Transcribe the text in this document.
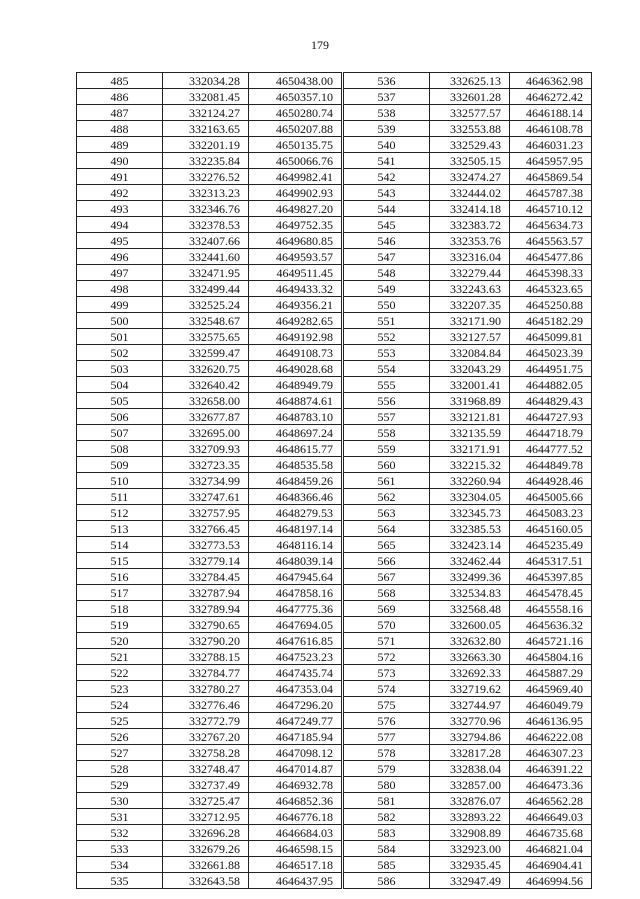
179
485	332034.28	4650438.00
486	332081.45	4650357.10
487	332124.27	4650280.74
488	332163.65	4650207.88
489	332201.19	4650135.75
490	332235.84	4650066.76
491	332276.52	4649982.41
492	332313.23	4649902.93
493	332346.76	4649827.20
494	332378.53	4649752.35
495	332407.66	4649680.85
496	332441.60	4649593.57
497	332471.95	4649511.45
498	332499.44	4649433.32
499	332525.24	4649356.21
500	332548.67	4649282.65
501	332575.65	4649192.98
502	332599.47	4649108.73
503	332620.75	4649028.68
504	332640.42	4648949.79
505	332658.00	4648874.61
506	332677.87	4648783.10
507	332695.00	4648697.24
508	332709.93	4648615.77
509	332723.35	4648535.58
510	332734.99	4648459.26
511	332747.61	4648366.46
512	332757.95	4648279.53
513	332766.45	4648197.14
514	332773.53	4648116.14
515	332779.14	4648039.14
516	332784.45	4647945.64
517	332787.94	4647858.16
518	332789.94	4647775.36
519	332790.65	4647694.05
520	332790.20	4647616.85
521	332788.15	4647523.23
522	332784.77	4647435.74
523	332780.27	4647353.04
524	332776.46	4647296.20
525	332772.79	4647249.77
526	332767.20	4647185.94
527	332758.28	4647098.12
528	332748.47	4647014.87
529	332737.49	4646932.78
530	332725.47	4646852.36
531	332712.95	4646776.18
532	332696.28	4646684.03
533	332679.26	4646598.15
534	332661.88	4646517.18
535	332643.58	4646437.95
536	332625.13	4646362.98
537	332601.28	4646272.42
538	332577.57	4646188.14
539	332553.88	4646108.78
540	332529.43	4646031.23
541	332505.15	4645957.95
542	332474.27	4645869.54
543	332444.02	4645787.38
544	332414.18	4645710.12
545	332383.72	4645634.73
546	332353.76	4645563.57
547	332316.04	4645477.86
548	332279.44	4645398.33
549	332243.63	4645323.65
550	332207.35	4645250.88
551	332171.90	4645182.29
552	332127.57	4645099.81
553	332084.84	4645023.39
554	332043.29	4644951.75
555	332001.41	4644882.05
556	331968.89	4644829.43
557	332121.81	4644727.93
558	332135.59	4644718.79
559	332171.91	4644777.52
560	332215.32	4644849.78
561	332260.94	4644928.46
562	332304.05	4645005.66
563	332345.73	4645083.23
564	332385.53	4645160.05
565	332423.14	4645235.49
566	332462.44	4645317.51
567	332499.36	4645397.85
568	332534.83	4645478.45
569	332568.48	4645558.16
570	332600.05	4645636.32
571	332632.80	4645721.16
572	332663.30	4645804.16
573	332692.33	4645887.29
574	332719.62	4645969.40
575	332744.97	4646049.79
576	332770.96	4646136.95
577	332794.86	4646222.08
578	332817.28	4646307.23
579	332838.04	4646391.22
580	332857.00	4646473.36
581	332876.07	4646562.28
582	332893.22	4646649.03
583	332908.89	4646735.68
584	332923.00	4646821.04
585	332935.45	4646904.41
586	332947.49	4646994.56
